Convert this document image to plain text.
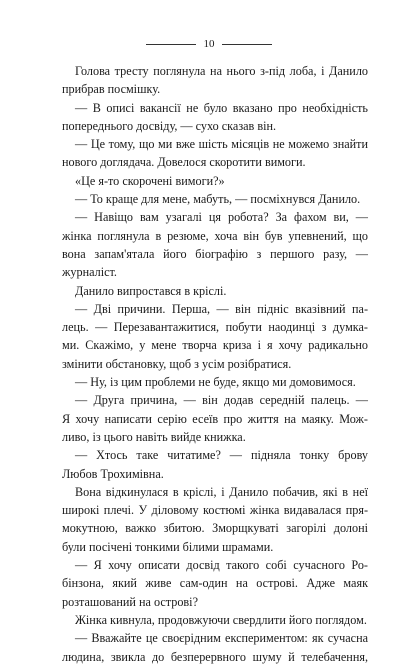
10
Голова тресту поглянула на нього з-під лоба, і Данило
прибрав посмішку.
— В описі вакансії не було вказано про необхідність
попереднього досвіду, — сухо сказав він.
— Це тому, що ми вже шість місяців не можемо знайти
нового доглядача. Довелося скоротити вимоги.
«Це я-то скорочені вимоги?»
— То краще для мене, мабуть, — посміхнувся Данило.
— Навіщо вам узагалі ця робота? За фахом ви, —
жінка поглянула в резюме, хоча він був упевнений, що
вона запам'ятала його біографію з першого разу, —
журналіст.
Данило випростався в кріслі.
— Дві причини. Перша, — він підніс вказівний па-
лець. — Перезавантажитися, побути наодинці з думка-
ми. Скажімо, у мене творча криза і я хочу радикально
змінити обстановку, щоб з усім розібратися.
— Ну, із цим проблеми не буде, якщо ми домовимося.
— Друга причина, — він додав середній палець. —
Я хочу написати серію есеїв про життя на маяку. Мож-
ливо, із цього навіть вийде книжка.
— Хтось таке читатиме? — підняла тонку брову
Любов Трохимівна.
Вона відкинулася в кріслі, і Данило побачив, які в неї
широкі плечі. У діловому костюмі жінка видавалася пря-
мокутною, важко збитою. Зморщкуваті загорілі долоні
були посічені тонкими білими шрамами.
— Я хочу описати досвід такого собі сучасного Ро-
бінзона, який живе сам-один на острові. Адже маяк
розташований на острові?
Жінка кивнула, продовжуючи свердлити його поглядом.
— Вважайте це своєрідним експериментом: як сучасна
людина, звикла до безперервного шуму й телебачення,
